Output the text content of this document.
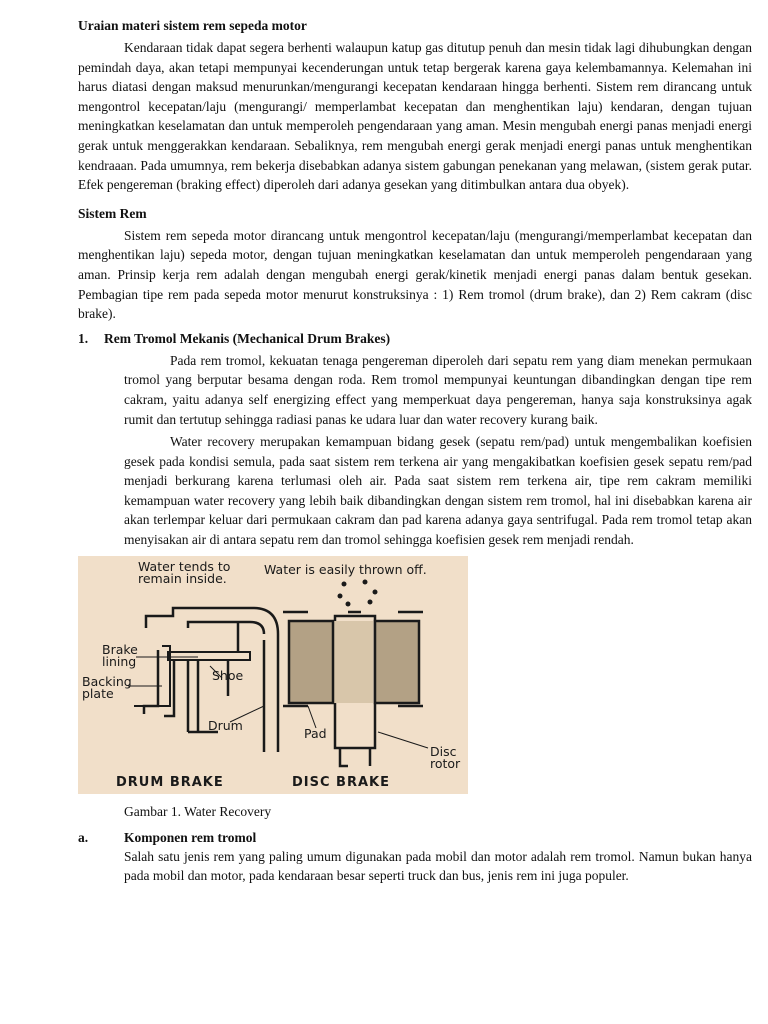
Uraian materi sistem rem sepeda motor

Kendaraan tidak dapat segera berhenti walaupun katup gas ditutup penuh dan mesin tidak lagi dihubungkan dengan pemindah daya, akan tetapi mempunyai kecenderungan untuk tetap bergerak karena gaya kelembamannya. Kelemahan ini harus diatasi dengan maksud menurunkan/mengurangi kecepatan kendaraan hingga berhenti. Sistem rem dirancang untuk mengontrol kecepatan/laju (mengurangi/ memperlambat kecepatan dan menghentikan laju) kendaran, dengan tujuan meningkatkan keselamatan dan untuk memperoleh pengendaraan yang aman. Mesin mengubah energi panas menjadi energi gerak untuk menggerakkan kendaraan. Sebaliknya, rem mengubah energi gerak menjadi energi panas untuk menghentikan kendraaan. Pada umumnya, rem bekerja disebabkan adanya sistem gabungan penekanan yang melawan, (sistem gerak putar. Efek pengereman (braking effect) diperoleh dari adanya gesekan yang ditimbulkan antara dua obyek).

Sistem Rem

Sistem rem sepeda motor dirancang untuk mengontrol kecepatan/laju (mengurangi/memperlambat kecepatan dan menghentikan laju) sepeda motor, dengan tujuan meningkatkan keselamatan dan untuk memperoleh pengendaraan yang aman. Prinsip kerja rem adalah dengan mengubah energi gerak/kinetik menjadi energi panas dalam bentuk gesekan. Pembagian tipe rem pada sepeda motor menurut konstruksinya : 1) Rem tromol (drum brake), dan 2) Rem cakram (disc brake).

1. Rem Tromol Mekanis (Mechanical Drum Brakes)

Pada rem tromol, kekuatan tenaga pengereman diperoleh dari sepatu rem yang diam menekan permukaan tromol yang berputar besama dengan roda. Rem tromol mempunyai keuntungan dibandingkan dengan tipe rem cakram, yaitu adanya self energizing effect yang memperkuat daya pengereman, hanya saja konstruksinya agak rumit dan tertutup sehingga radiasi panas ke udara luar dan water recovery kurang baik.

Water recovery merupakan kemampuan bidang gesek (sepatu rem/pad) untuk mengembalikan koefisien gesek pada kondisi semula, pada saat sistem rem terkena air yang mengakibatkan koefisien gesek sepatu rem/pad menjadi berkurang karena terlumasi oleh air. Pada saat sistem rem terkena air, tipe rem cakram memiliki kemampuan water recovery yang lebih baik dibandingkan dengan sistem rem tromol, hal ini disebabkan karena air akan terlempar keluar dari permukaan cakram dan pad karena adanya gaya sentrifugal. Pada rem tromol tetap akan menyisakan air di antara sepatu rem dan tromol sehingga koefisien gesek rem menjadi rendah.

Water tends to
remain inside.
Water is easily thrown off.
Brake
lining
Backing
plate
Shoe
Drum
Pad
Disc
rotor
DRUM BRAKE	DISC BRAKE

Gambar 1. Water Recovery

a.	Komponen rem tromol

Salah satu jenis rem yang paling umum digunakan pada mobil dan motor adalah rem tromol. Namun bukan hanya pada mobil dan motor, pada kendaraan besar seperti truck dan bus, jenis rem ini juga populer.
